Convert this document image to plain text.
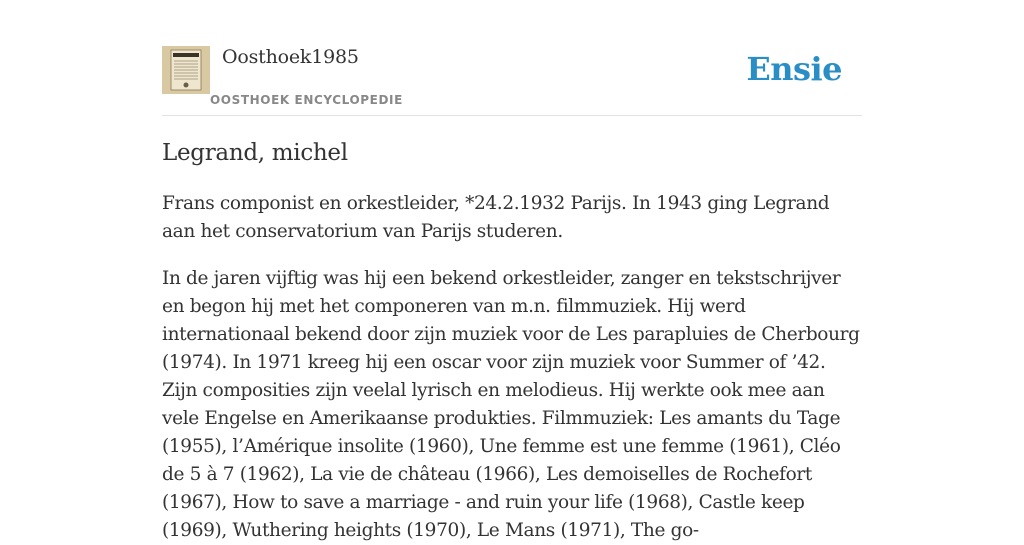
Oosthoek1985
OOSTHOEK ENCYCLOPEDIE
Ensie
Legrand, michel

Frans componist en orkestleider, *24.2.1932 Parijs. In 1943 ging Legrand aan het conservatorium van Parijs studeren.

In de jaren vijftig was hij een bekend orkestleider, zanger en tekstschrijver en begon hij met het componeren van m.n. filmmuziek. Hij werd internationaal bekend door zijn muziek voor de Les parapluies de Cherbourg (1974). In 1971 kreeg hij een oscar voor zijn muziek voor Summer of ’42. Zijn composities zijn veelal lyrisch en melodieus. Hij werkte ook mee aan vele Engelse en Amerikaanse produkties. Filmmuziek: Les amants du Tage (1955), l’Amérique insolite (1960), Une femme est une femme (1961), Cléo de 5 à 7 (1962), La vie de château (1966), Les demoiselles de Rochefort (1967), How to save a marriage - and ruin your life (1968), Castle keep (1969), Wuthering heights (1970), Le Mans (1971), The go-
